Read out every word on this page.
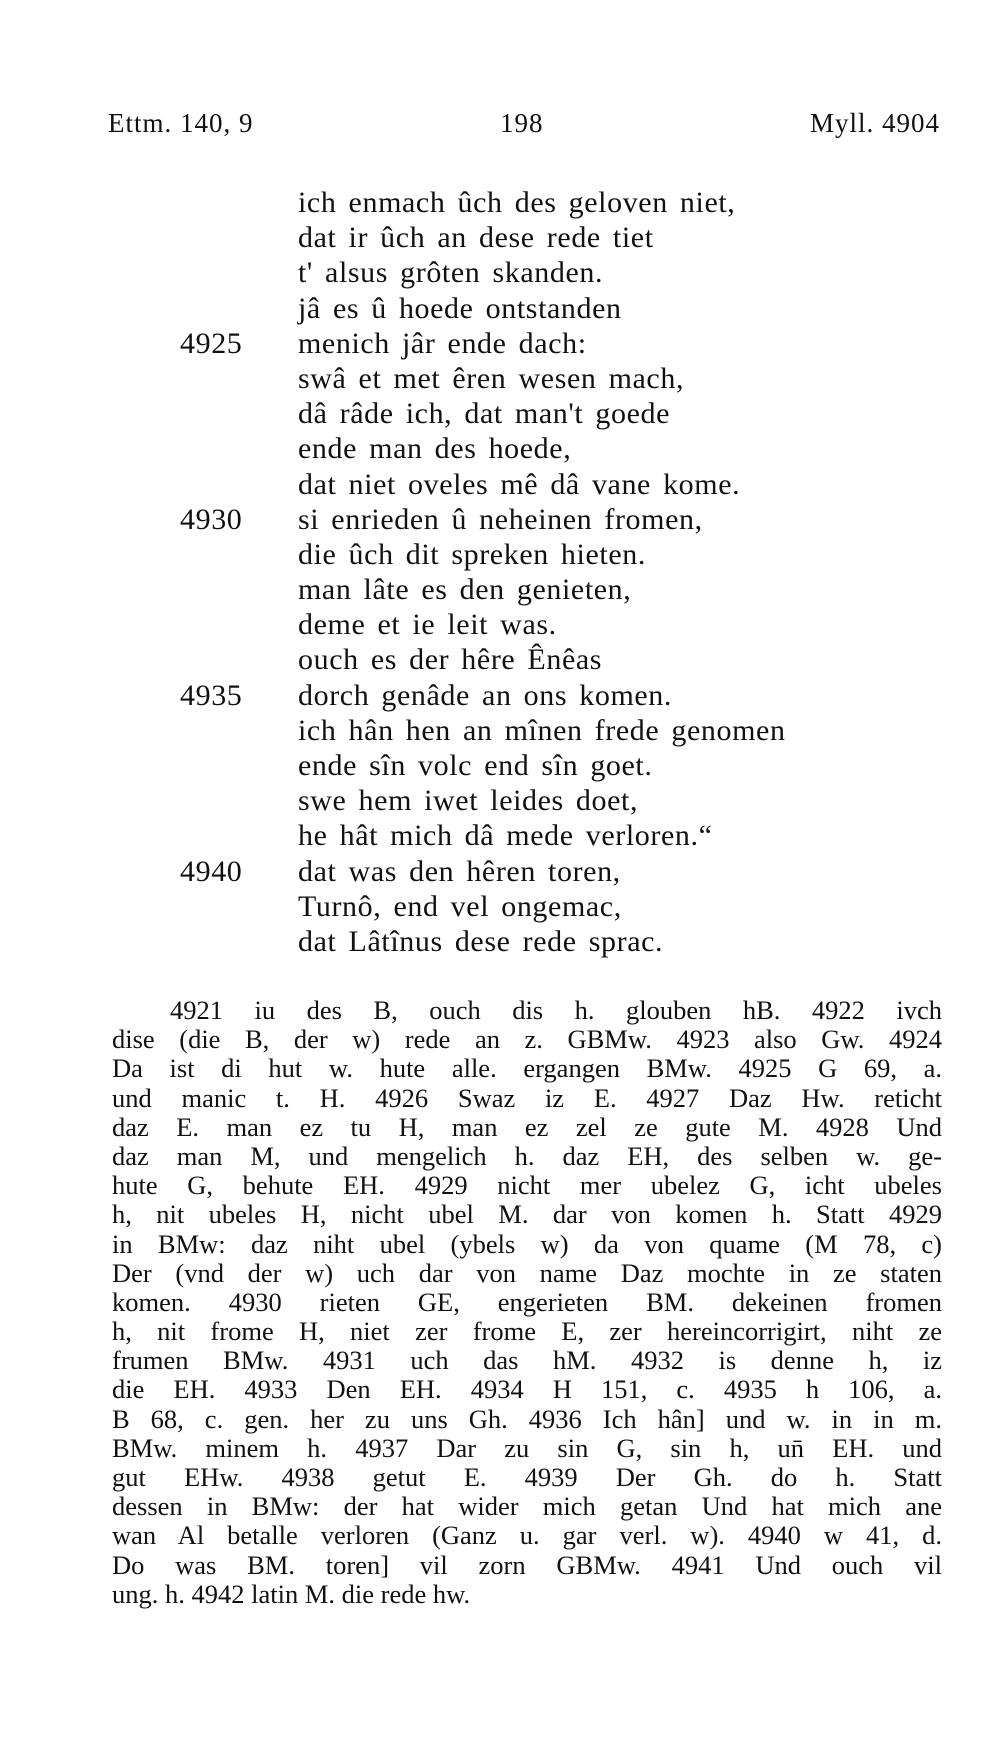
Ettm. 140, 9	198	Myll. 4904
ich enmach ûch des geloven niet,
dat ir ûch an dese rede tiet
t' alsus grôten skanden.
jâ es û hoede ontstanden
4925	menich jâr ende dach:
swâ et met êren wesen mach,
dâ râde ich, dat man't goede
ende man des hoede,
dat niet oveles mê dâ vane kome.
4930	si enrieden û neheinen fromen,
die ûch dit spreken hieten.
man lâte es den genieten,
deme et ie leit was.
ouch es der hêre Ênêas
4935	dorch genâde an ons komen.
ich hân hen an mînen frede genomen
ende sîn volc end sîn goet.
swe hem iwet leides doet,
he hât mich dâ mede verloren.“
4940	dat was den hêren toren,
Turnô, end vel ongemac,
dat Lâtînus dese rede sprac.
4921 iu des B, ouch dis h. glouben hB. 4922 ivch
dise (die B, der w) rede an z. GBMw. 4923 also Gw. 4924
Da ist di hut w. hute alle. ergangen BMw. 4925 G 69, a.
und manic t. H. 4926 Swaz iz E. 4927 Daz Hw. reticht
daz E. man ez tu H, man ez zel ze gute M. 4928 Und
daz man M, und mengelich h. daz EH, des selben w. ge-
hute G, behute EH. 4929 nicht mer ubelez G, icht ubeles
h, nit ubeles H, nicht ubel M. dar von komen h. Statt 4929
in BMw: daz niht ubel (ybels w) da von quame (M 78, c)
Der (vnd der w) uch dar von name Daz mochte in ze staten
komen. 4930 rieten GE, engerieten BM. dekeinen fromen
h, nit frome H, niet zer frome E, zer hereincorrigirt, niht ze
frumen BMw. 4931 uch das hM. 4932 is denne h, iz
die EH. 4933 Den EH. 4934 H 151, c. 4935 h 106, a.
B 68, c. gen. her zu uns Gh. 4936 Ich hân] und w. in in m.
BMw. minem h. 4937 Dar zu sin G, sin h, un̄ EH. und
gut EHw. 4938 getut E. 4939 Der Gh. do h. Statt
dessen in BMw: der hat wider mich getan Und hat mich ane
wan Al betalle verloren (Ganz u. gar verl. w). 4940 w 41, d.
Do was BM. toren] vil zorn GBMw. 4941 Und ouch vil
ung. h. 4942 latin M. die rede hw.
